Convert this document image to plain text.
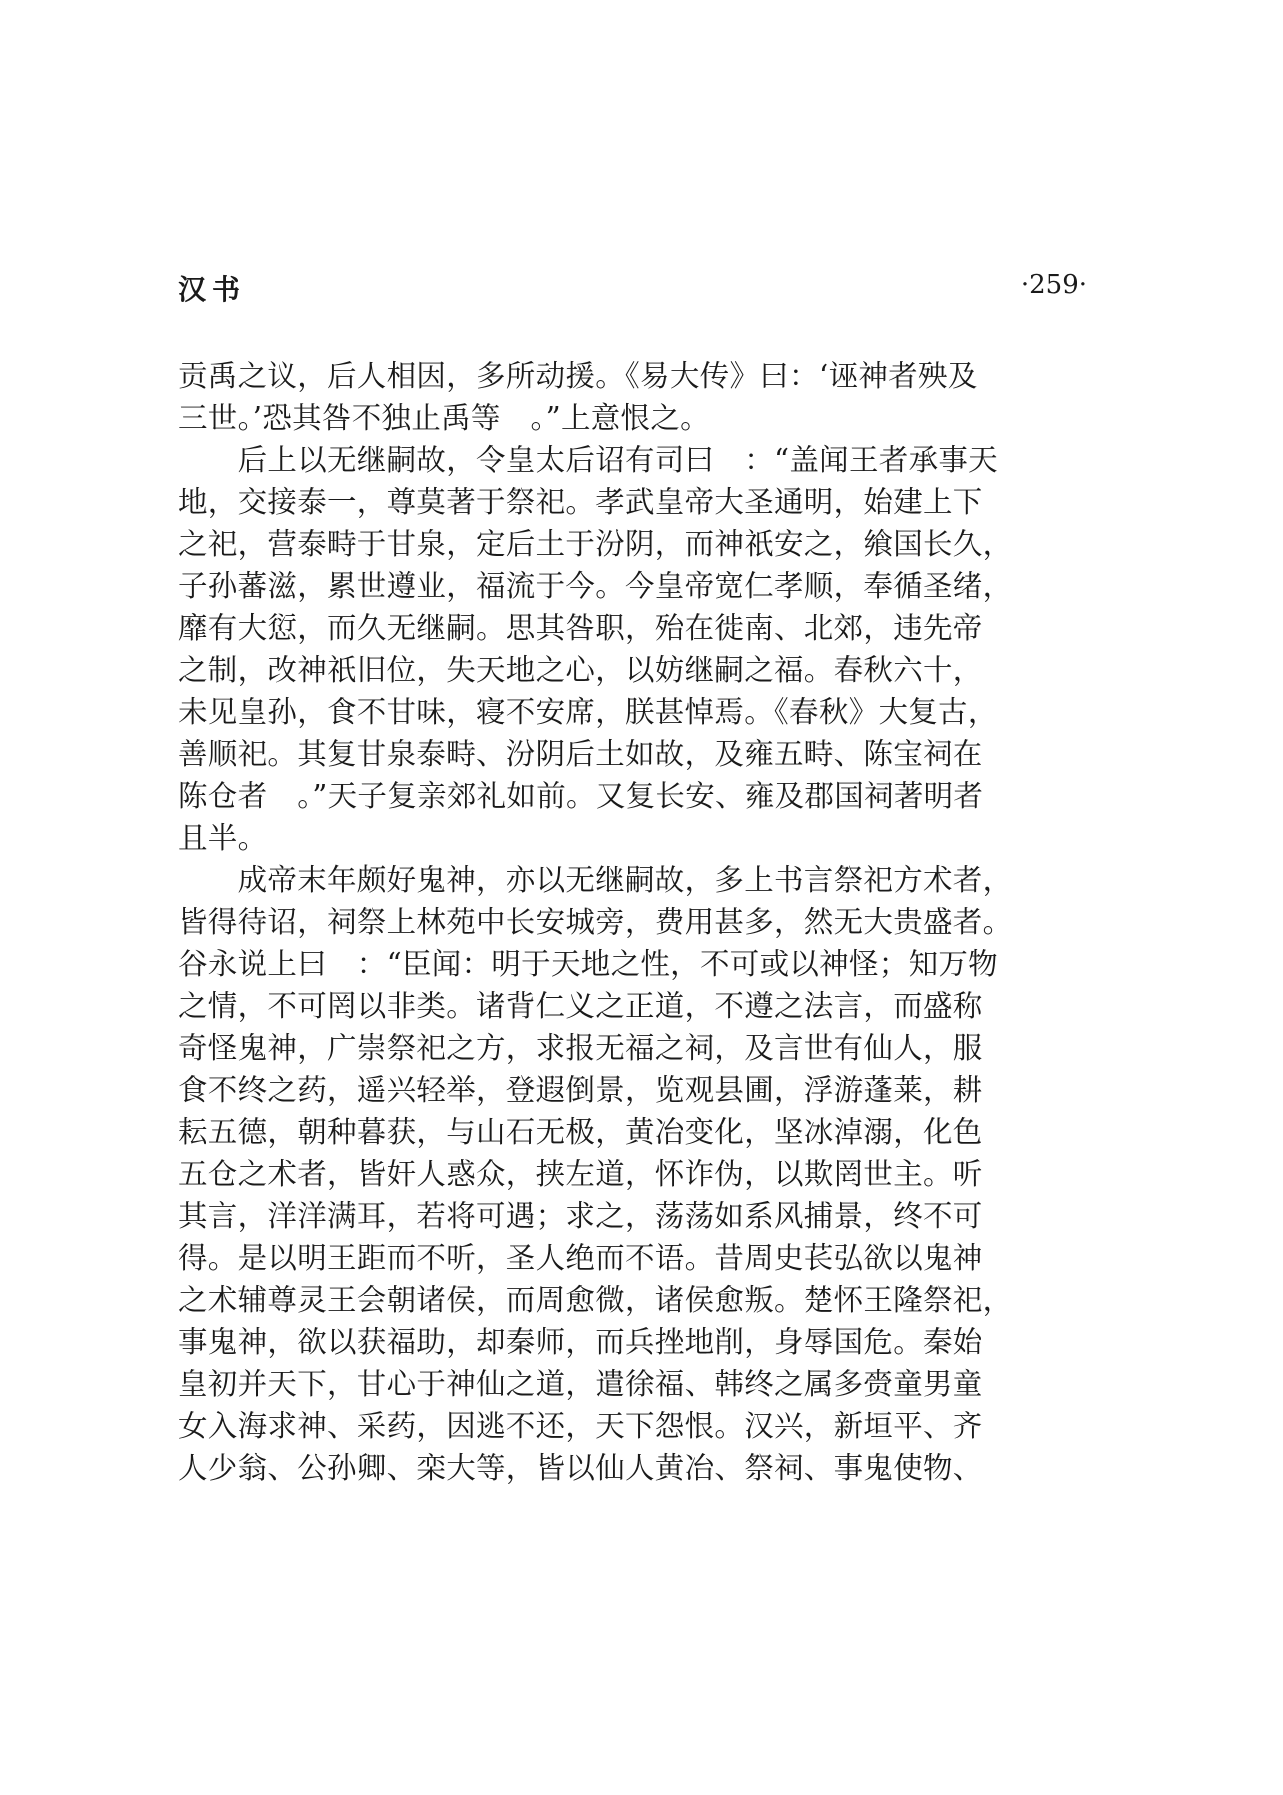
汉书	·259·
贡禹之议，后人相因，多所动援。《易大传》曰：‘诬神者殃及
三世。’恐其咎不独止禹等　。”上意恨之。
　　后上以无继嗣故，令皇太后诏有司曰　：“盖闻王者承事天
地，交接泰一，尊莫著于祭祀。孝武皇帝大圣通明，始建上下
之祀，营泰畤于甘泉，定后土于汾阴，而神祇安之，飨国长久，
子孙蕃滋，累世遵业，福流于今。今皇帝宽仁孝顺，奉循圣绪，
靡有大愆，而久无继嗣。思其咎职，殆在徙南、北郊，违先帝
之制，改神祇旧位，失天地之心，以妨继嗣之福。春秋六十，
未见皇孙，食不甘味，寝不安席，朕甚悼焉。《春秋》大复古，
善顺祀。其复甘泉泰畤、汾阴后土如故，及雍五畤、陈宝祠在
陈仓者　。”天子复亲郊礼如前。又复长安、雍及郡国祠著明者
且半。
　　成帝末年颇好鬼神，亦以无继嗣故，多上书言祭祀方术者，
皆得待诏，祠祭上林苑中长安城旁，费用甚多，然无大贵盛者。
谷永说上曰　：“臣闻：明于天地之性，不可或以神怪；知万物
之情，不可罔以非类。诸背仁义之正道，不遵之法言，而盛称
奇怪鬼神，广崇祭祀之方，求报无福之祠，及言世有仙人，服
食不终之药，遥兴轻举，登遐倒景，览观县圃，浮游蓬莱，耕
耘五德，朝种暮获，与山石无极，黄冶变化，坚冰淖溺，化色
五仓之术者，皆奸人惑众，挟左道，怀诈伪，以欺罔世主。听
其言，洋洋满耳，若将可遇；求之，荡荡如系风捕景，终不可
得。是以明王距而不听，圣人绝而不语。昔周史苌弘欲以鬼神
之术辅尊灵王会朝诸侯，而周愈微，诸侯愈叛。楚怀王隆祭祀，
事鬼神，欲以获福助，却秦师，而兵挫地削，身辱国危。秦始
皇初并天下，甘心于神仙之道，遣徐福、韩终之属多赍童男童
女入海求神、采药，因逃不还，天下怨恨。汉兴，新垣平、齐
人少翁、公孙卿、栾大等，皆以仙人黄冶、祭祠、事鬼使物、
